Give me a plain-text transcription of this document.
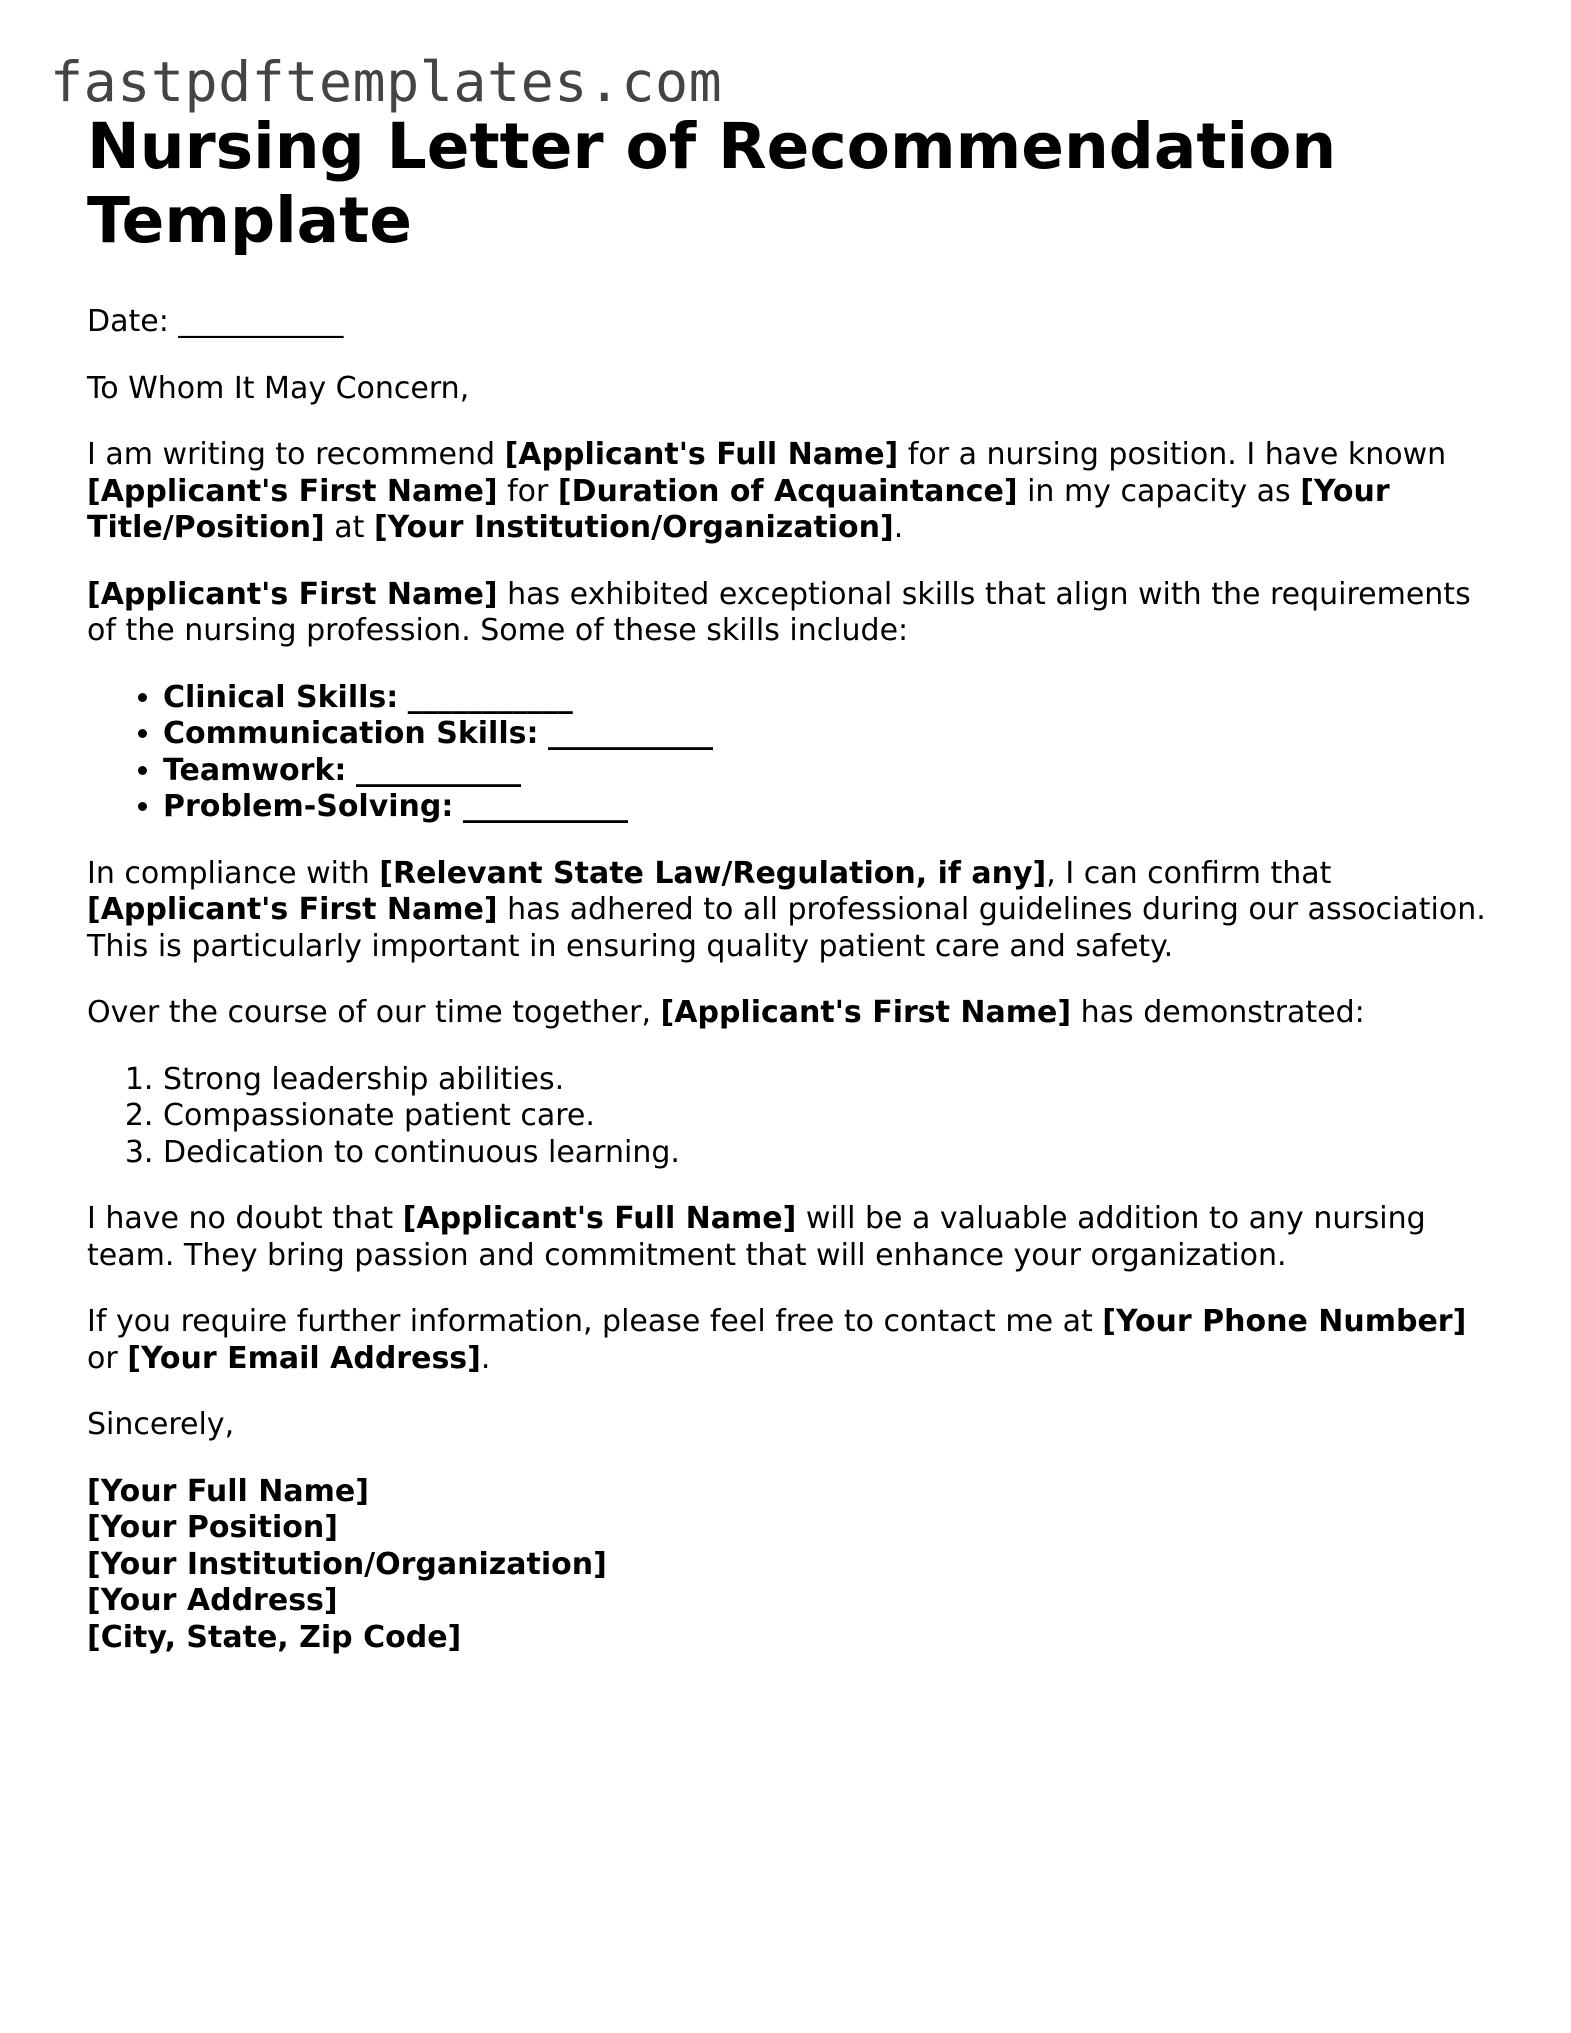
fastpdftemplates.com
Nursing Letter of Recommendation Template

Date: ___________

To Whom It May Concern,

I am writing to recommend [Applicant's Full Name] for a nursing position. I have known [Applicant's First Name] for [Duration of Acquaintance] in my capacity as [Your Title/Position] at [Your Institution/Organization].

[Applicant's First Name] has exhibited exceptional skills that align with the requirements of the nursing profession. Some of these skills include:

• Clinical Skills: ___________
• Communication Skills: ___________
• Teamwork: ___________
• Problem-Solving: ___________

In compliance with [Relevant State Law/Regulation, if any], I can confirm that [Applicant's First Name] has adhered to all professional guidelines during our association. This is particularly important in ensuring quality patient care and safety.

Over the course of our time together, [Applicant's First Name] has demonstrated:

1. Strong leadership abilities.
2. Compassionate patient care.
3. Dedication to continuous learning.

I have no doubt that [Applicant's Full Name] will be a valuable addition to any nursing team. They bring passion and commitment that will enhance your organization.

If you require further information, please feel free to contact me at [Your Phone Number] or [Your Email Address].

Sincerely,

[Your Full Name]
[Your Position]
[Your Institution/Organization]
[Your Address]
[City, State, Zip Code]
